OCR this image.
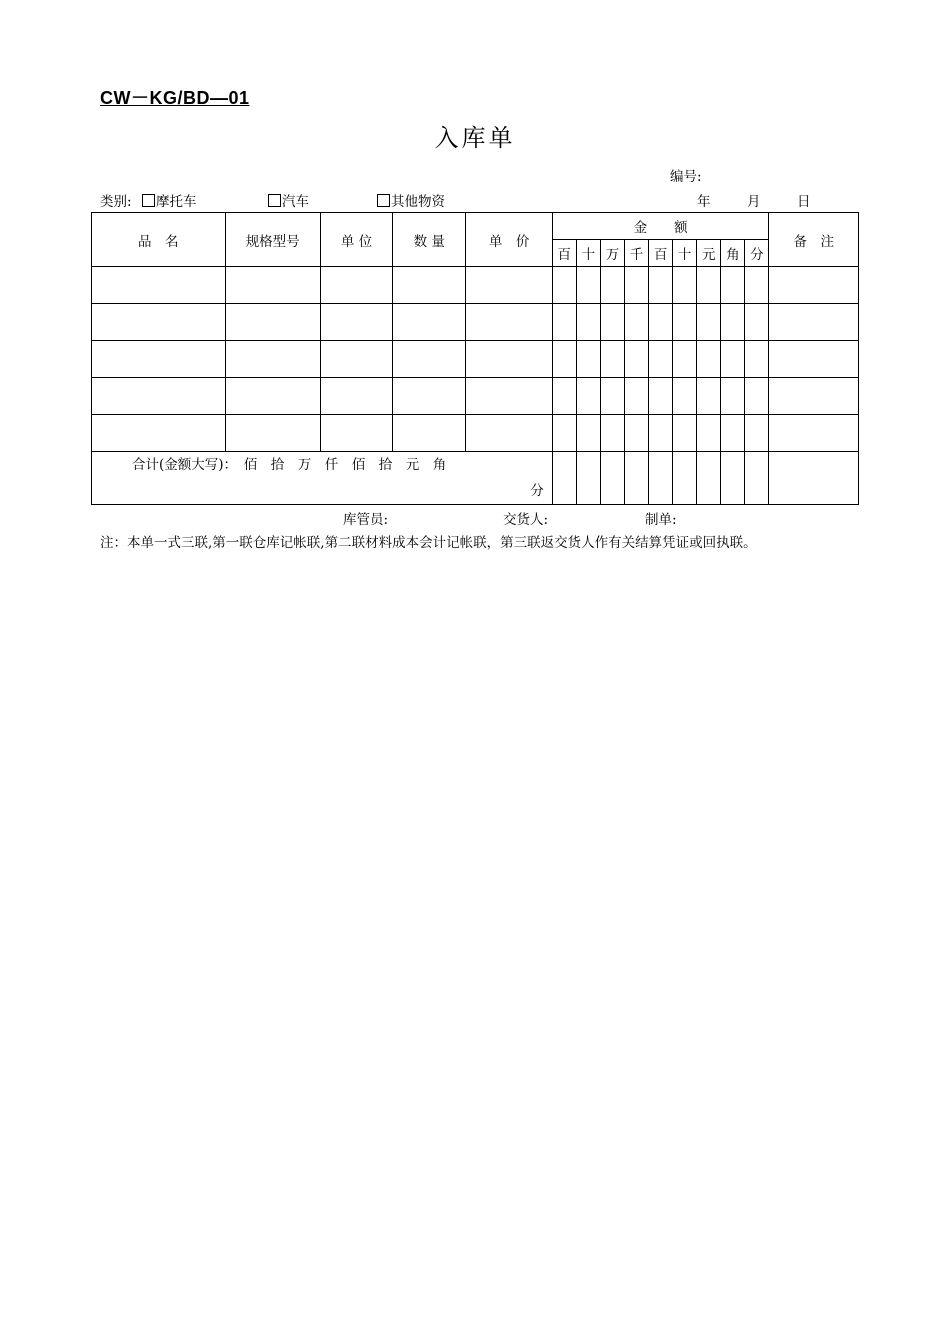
CW－KG/BD—01
入库单
编号:
类别:	摩托车	汽车	其他物资	年	月	日
品　名	规格型号	单 位	数 量	单　价	金　　额									备　注
					百	十	万	千	百	十	元	角	分	

合计(金额大写)：　佰　拾　万　仟　佰　拾　元　角
分														

库管员:	交货人:	制单:
注：本单一式三联,第一联仓库记帐联,第二联材料成本会计记帐联，第三联返交货人作有关结算凭证或回执联。
